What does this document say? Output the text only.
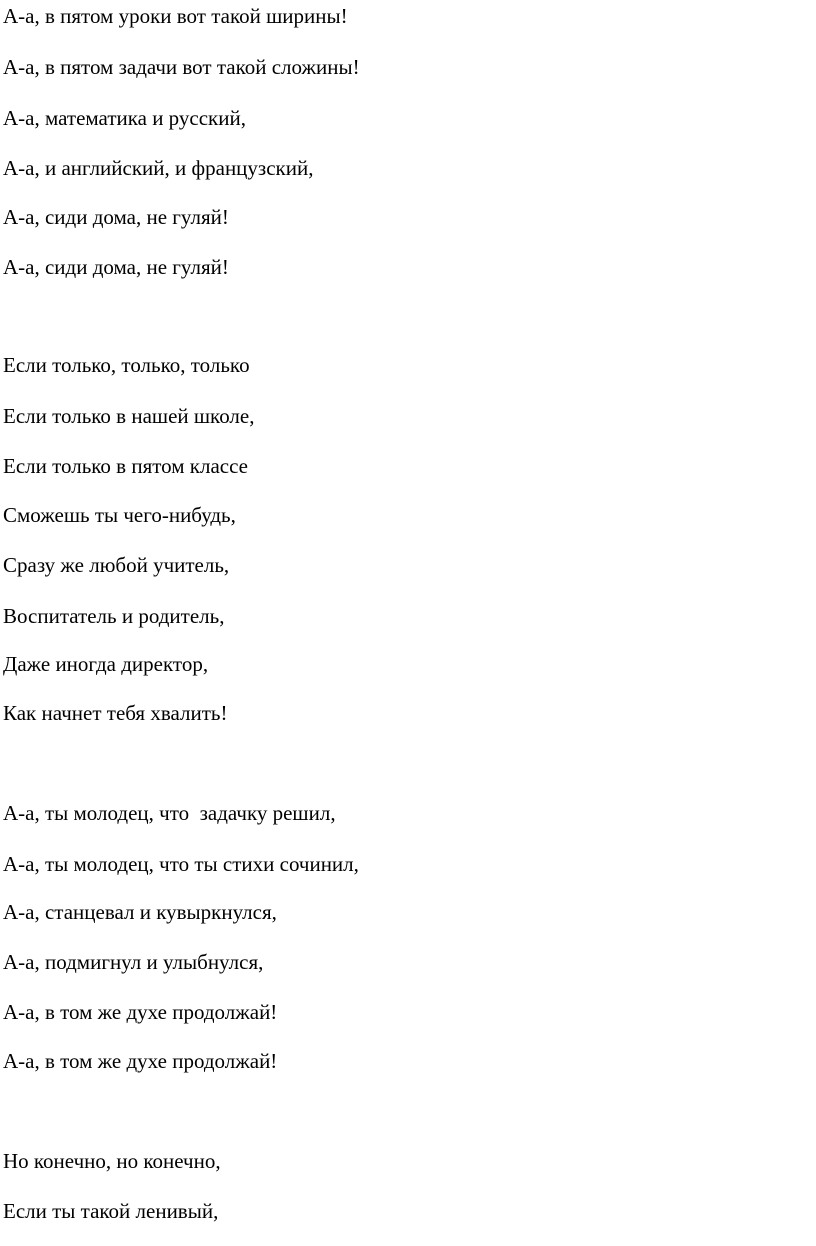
А-а, в пятом уроки вот такой ширины!

А-а, в пятом задачи вот такой сложины!

А-а, математика и русский,

А-а, и английский, и французский,

А-а, сиди дома, не гуляй!

А-а, сиди дома, не гуляй!

Если только, только, только

Если только в нашей школе,

Если только в пятом классе

Сможешь ты чего-нибудь,

Сразу же любой учитель,

Воспитатель и родитель,

Даже иногда директор,

Как начнет тебя хвалить!

А-а, ты молодец, что  задачку решил,

А-а, ты молодец, что ты стихи сочинил,

А-а, станцевал и кувыркнулся,

А-а, подмигнул и улыбнулся,

А-а, в том же духе продолжай!

А-а, в том же духе продолжай!

Но конечно, но конечно,

Если ты такой ленивый,
